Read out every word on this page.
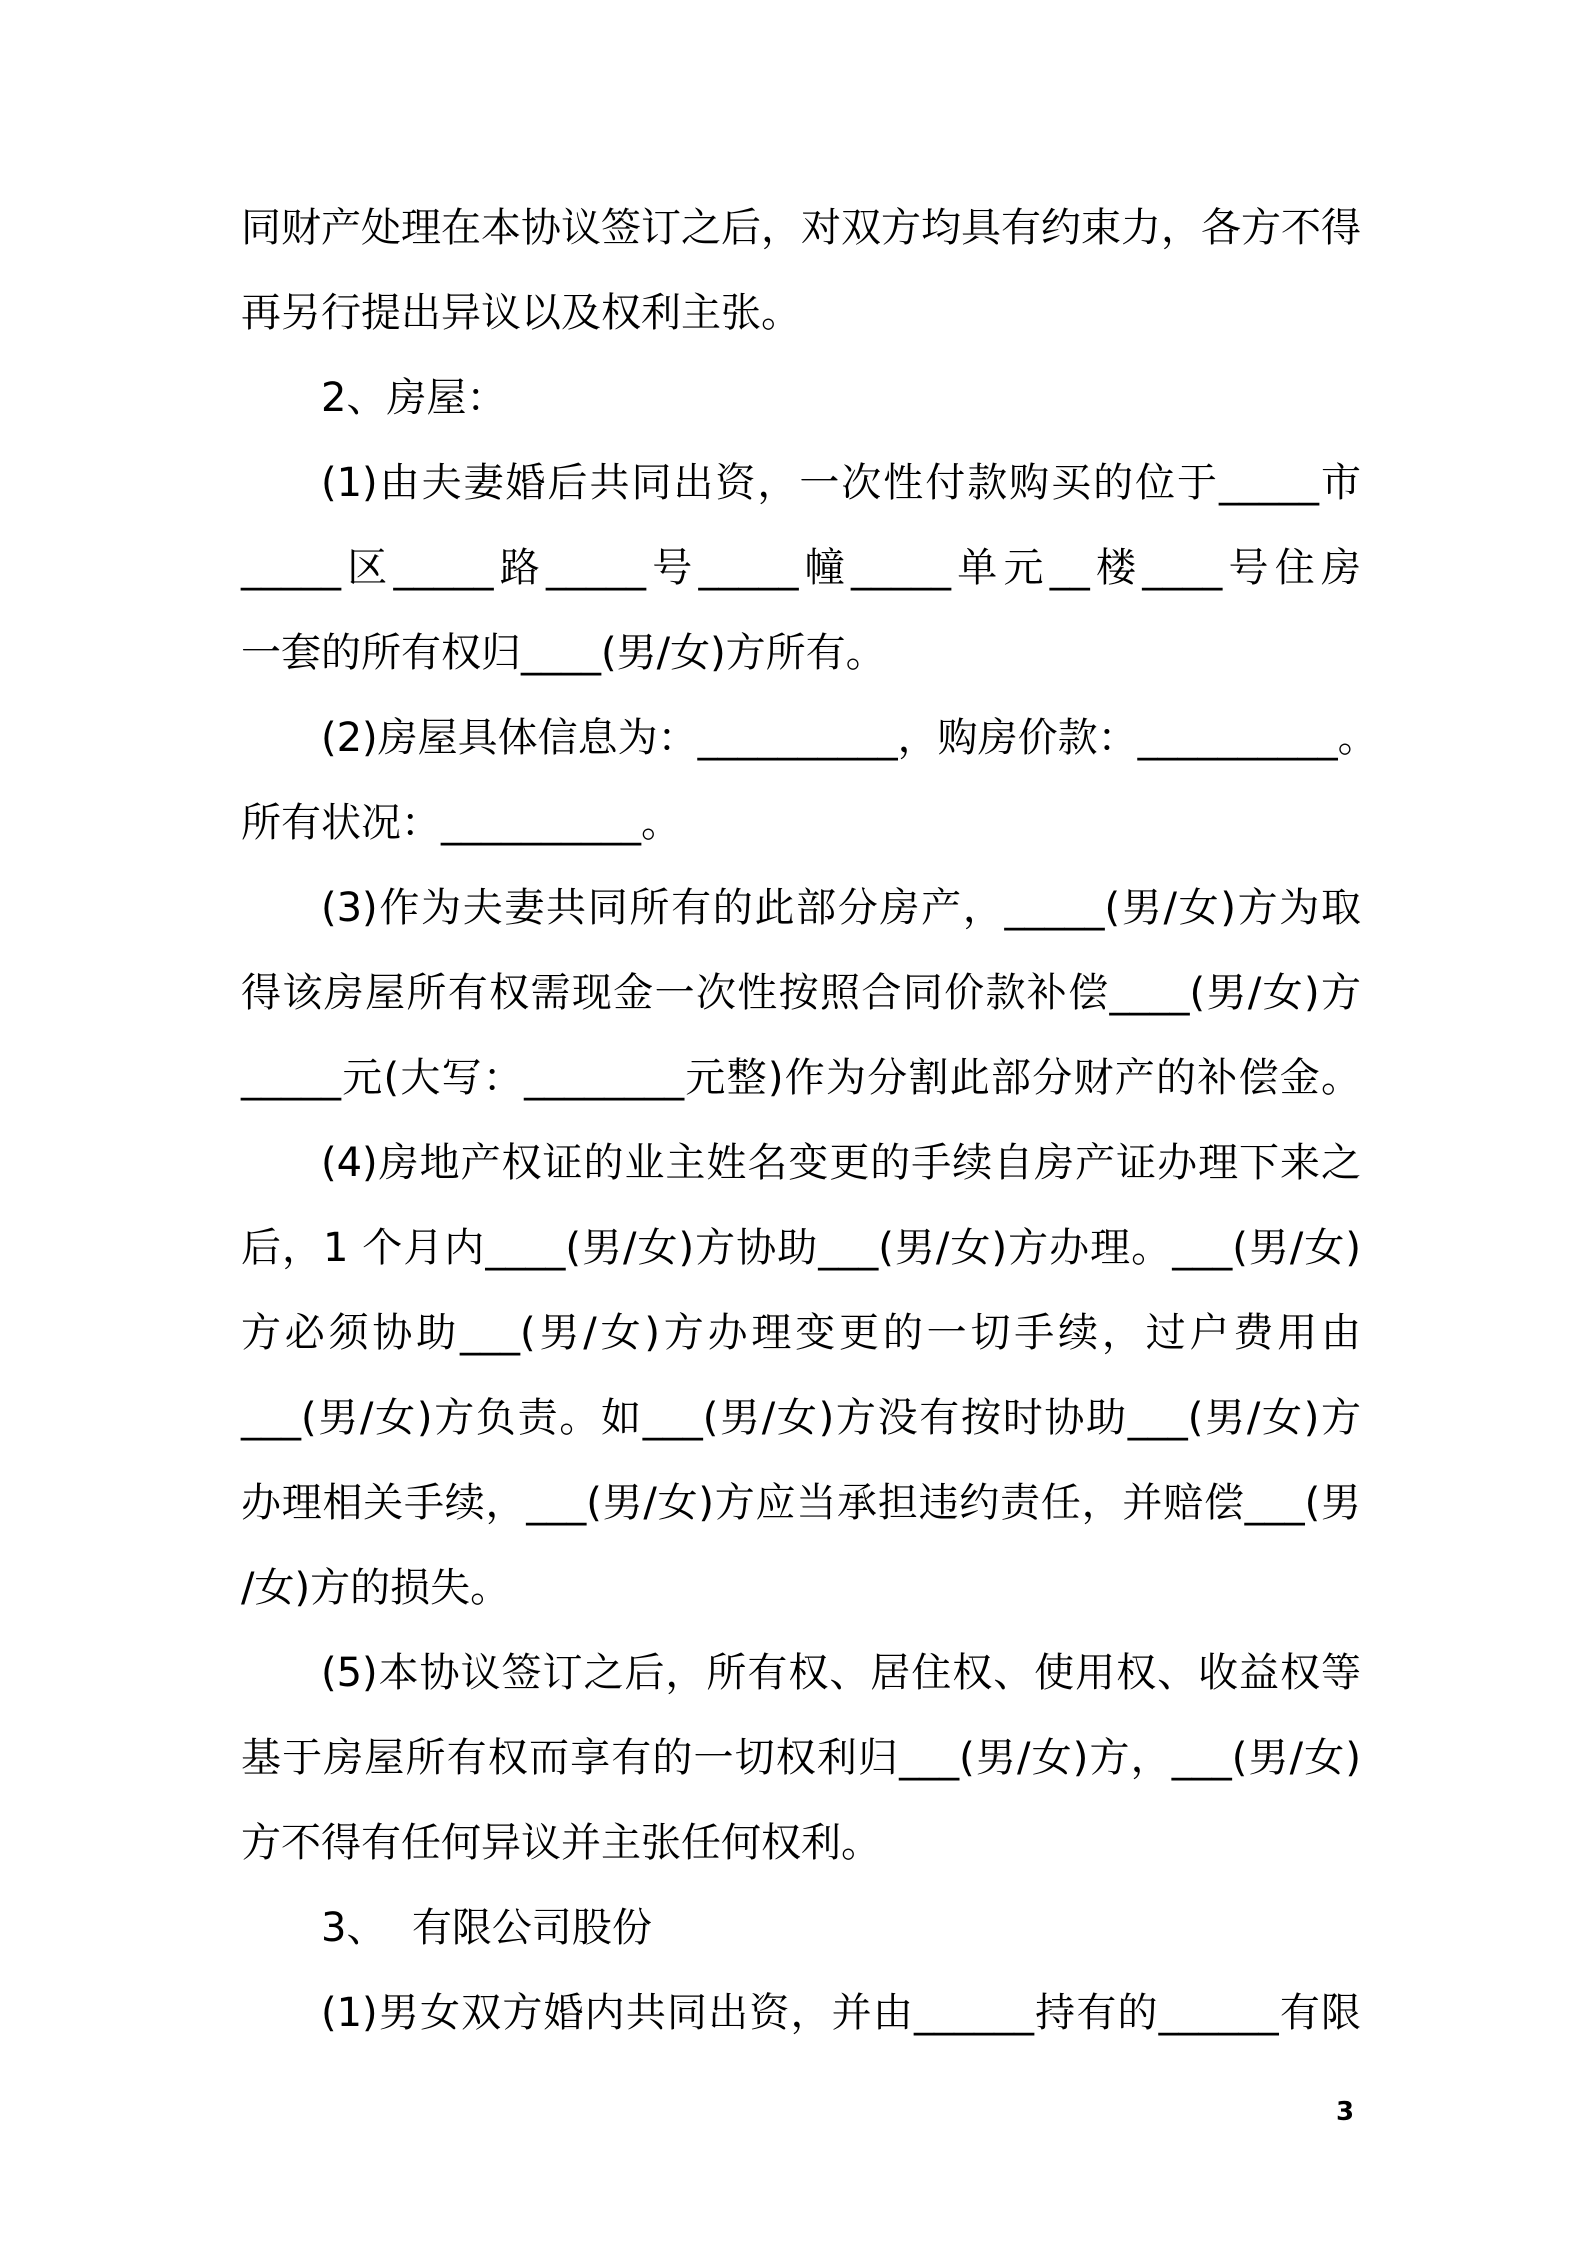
同财产处理在本协议签订之后，对双方均具有约束力，各方不得
再另行提出异议以及权利主张。
2、房屋：
(1)由夫妻婚后共同出资，一次性付款购买的位于_____市
_____区_____路_____号_____幢_____单元__楼____号住房
一套的所有权归____(男/女)方所有。
(2)房屋具体信息为：__________，购房价款：__________。
所有状况：__________。
(3)作为夫妻共同所有的此部分房产，_____(男/女)方为取
得该房屋所有权需现金一次性按照合同价款补偿____(男/女)方
_____元(大写：________元整)作为分割此部分财产的补偿金。
(4)房地产权证的业主姓名变更的手续自房产证办理下来之
后，1 个月内____(男/女)方协助___(男/女)方办理。___(男/女)
方必须协助___(男/女)方办理变更的一切手续，过户费用由
___(男/女)方负责。如___(男/女)方没有按时协助___(男/女)方
办理相关手续，___(男/女)方应当承担违约责任，并赔偿___(男
/女)方的损失。
(5)本协议签订之后，所有权、居住权、使用权、收益权等
基于房屋所有权而享有的一切权利归___(男/女)方，___(男/女)
方不得有任何异议并主张任何权利。
3、  有限公司股份
(1)男女双方婚内共同出资，并由______持有的______有限
3
